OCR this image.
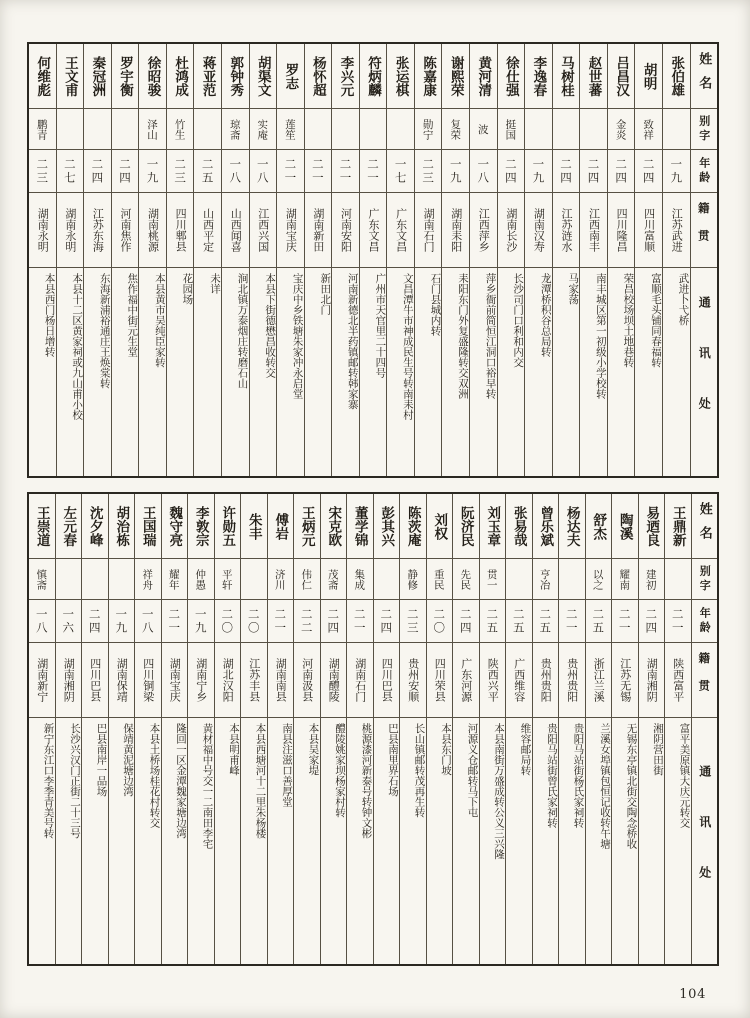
何维彪
鹏青
二三
湖南永明
本县西门杨日增转
王文甫
二七
湖南永明
本县十二区黄家祠或九山甫小校
秦冠洲
二四
江苏东海
东海新浦裕通庄王焕棠转
罗宇衡
二四
河南焦作
焦作福中街元生堂
徐昭骏
泽山
一九
湖南桃源
本县黄市吴纯臣家转
杜鸿成
竹生
二三
四川郫县
花园场
蒋亚范
二五
山西平定
未详
郭钟秀
琼斋
一八
山西闻喜
涧北镇万泰烟庄转磨石山
胡渠文
实庵
一八
江西兴国
本县下街德懋昌收转交
罗志
莲笙
二一
湖南宝庆
宝庆中乡铁塘朱家冲永启堂
杨怀超
二一
湖南新田
新田北门
李兴元
二一
河南安阳
河南新德北半药镇邮转韩家寨
符炳麟
二一
广东文昌
广州市天官里二十四号
张运棋
一七
广东文昌
文昌潭牛市神成民生号转南耒村
陈嘉康
勋宁
二三
湖南石门
石门县城内转
谢熙荣
复荣
一九
湖南耒阳
耒阳东门外复盛隆转交双洲
黄河清
波
一八
江西萍乡
萍乡衙前简恒江洞口裕早转
徐仕强
挺国
二四
湖南长沙
长沙司门口利和内交
李逸春
一九
湖南汉寿
龙潭桥积谷总局转
马树桂
二四
江苏涟水
马家荡
赵世蕃
二四
江西南丰
南丰城区第一初级小学校转
吕昌汉
金炎
二四
四川隆昌
荣昌校场坝土地巷转
胡明
致祥
二四
四川富顺
富顺毛头铺同春福转
张伯雄
一九
江苏武进
武进卜弋桥
姓名
别字
年龄
籍贯
通讯处
王崇道
慎斋
一八
湖南新宁
新宁东江口李季青美号转
左元春
一六
湖南湘阴
长沙兴汉门正街二十三号
沈夕峰
二四
四川巴县
巴县南岸一品场
胡治栋
一九
湖南保靖
保靖黄泥塘边湾
王国瑞
祥舟
一八
四川铜梁
本县土桥场桂花村转交
魏守亮
耀年
二一
湖南宝庆
隆回一区金潭魏家塘边湾
李敦宗
仲愚
一九
湖南宁乡
黄材福中号交一二南田李宅
许勋五
平轩
二〇
湖北汉阳
本县明甫峰
朱丰
二〇
江苏丰县
本县西塘河十二里朱杨楼
傅岩
济川
二一
湖南南县
南县注滋口善厚堂
王炳元
伟仁
二二
河南汲县
本县吴家堤
宋克欧
茂斋
二四
湖南醴陵
醴陵姚家坝杨家村转
董学锦
集成
二一
湖南石门
桃源漆河新泰号转钟文彬
彭其兴
二四
四川巴县
巴县南里界石场
陈茨庵
静修
二三
贵州安顺
长山镇邮转茂再生转
刘权
重民
二〇
四川荣县
本县东门坡
阮济民
先民
二四
广东河源
河源义仓邮转马下屯
刘玉章
贯一
二五
陕西兴平
本县南街万盛成转公义三兴隆
张易哉
二五
广西维容
维容邮局转
曾乐斌
亨冶
二五
贵州贵阳
贵阳马站街曾氏家祠转
杨达夫
二一
贵州贵阳
贵阳马站街杨氏家祠转
舒杰
以之
二五
浙江兰溪
兰溪女埠镇包恒记收转午塘
陶溪
耀南
二一
江苏无锡
无锡东亭镇北街交陶念桥收
易迺良
建初
二四
湖南湘阴
湘阴营田街
王鼎新
二一
陕西富平
富平美原镇大庆元转交
姓名
别字
年龄
籍贯
通讯处
104
